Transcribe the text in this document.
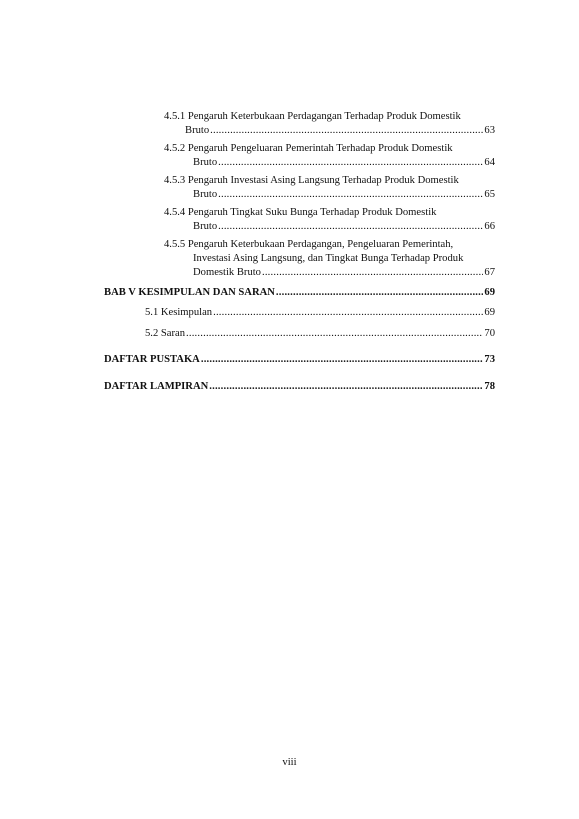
4.5.1 Pengaruh Keterbukaan Perdagangan Terhadap Produk Domestik
Bruto .....	63
4.5.2 Pengaruh Pengeluaran Pemerintah Terhadap Produk Domestik
Bruto .....	64
4.5.3 Pengaruh Investasi Asing Langsung Terhadap Produk Domestik
Bruto .....	65
4.5.4 Pengaruh Tingkat Suku Bunga Terhadap Produk Domestik
Bruto .....	66
4.5.5 Pengaruh Keterbukaan Perdagangan, Pengeluaran Pemerintah,
Investasi Asing Langsung, dan Tingkat Bunga Terhadap Produk
Domestik Bruto .....	67
BAB V KESIMPULAN DAN SARAN .....	69
5.1 Kesimpulan .....	69
5.2 Saran .....	70
DAFTAR PUSTAKA .....	73
DAFTAR LAMPIRAN .....	78
viii
